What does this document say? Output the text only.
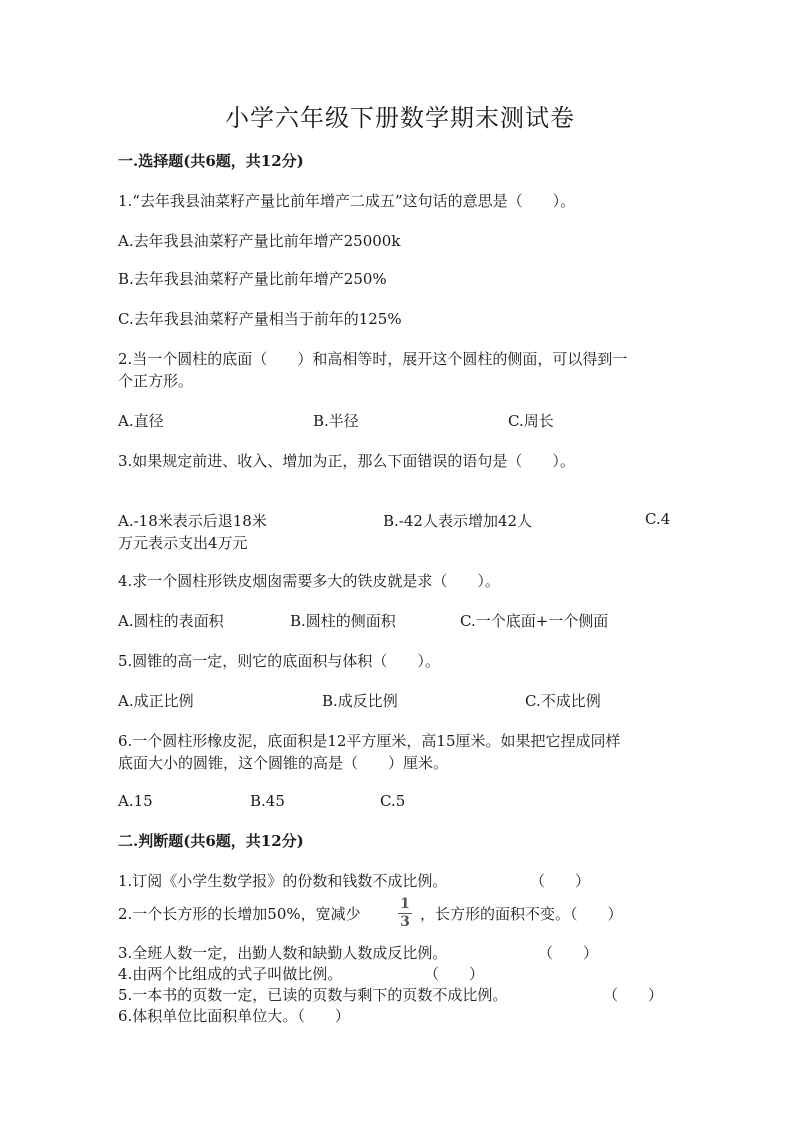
小学六年级下册数学期末测试卷
一.选择题(共6题，共12分)
1.“去年我县油菜籽产量比前年增产二成五”这句话的意思是（　　）。
A.去年我县油菜籽产量比前年增产25000k
B.去年我县油菜籽产量比前年增产250%
C.去年我县油菜籽产量相当于前年的125%
2.当一个圆柱的底面（　　）和高相等时，展开这个圆柱的侧面，可以得到一
个正方形。
A.直径	B.半径	C.周长
3.如果规定前进、收入、增加为正，那么下面错误的语句是（　　）。
A.-18米表示后退18米	B.-42人表示增加42人	C.4
万元表示支出4万元
4.求一个圆柱形铁皮烟囱需要多大的铁皮就是求（　　）。
A.圆柱的表面积	B.圆柱的侧面积	C.一个底面+一个侧面
5.圆锥的高一定，则它的底面积与体积（　　）。
A.成正比例	B.成反比例	C.不成比例
6.一个圆柱形橡皮泥，底面积是12平方厘米，高15厘米。如果把它捏成同样
底面大小的圆锥，这个圆锥的高是（　　）厘米。
A.15	B.45	C.5
二.判断题(共6题，共12分)
1.订阅《小学生数学报》的份数和钱数不成比例。	（　　）
2.一个长方形的长增加50%，宽减少
1
3 ，长方形的面积不变。（　　）
3.全班人数一定，出勤人数和缺勤人数成反比例。	（　　）
4.由两个比组成的式子叫做比例。	（　　）
5.一本书的页数一定，已读的页数与剩下的页数不成比例。	（　　）
6.体积单位比面积单位大。（　　）
